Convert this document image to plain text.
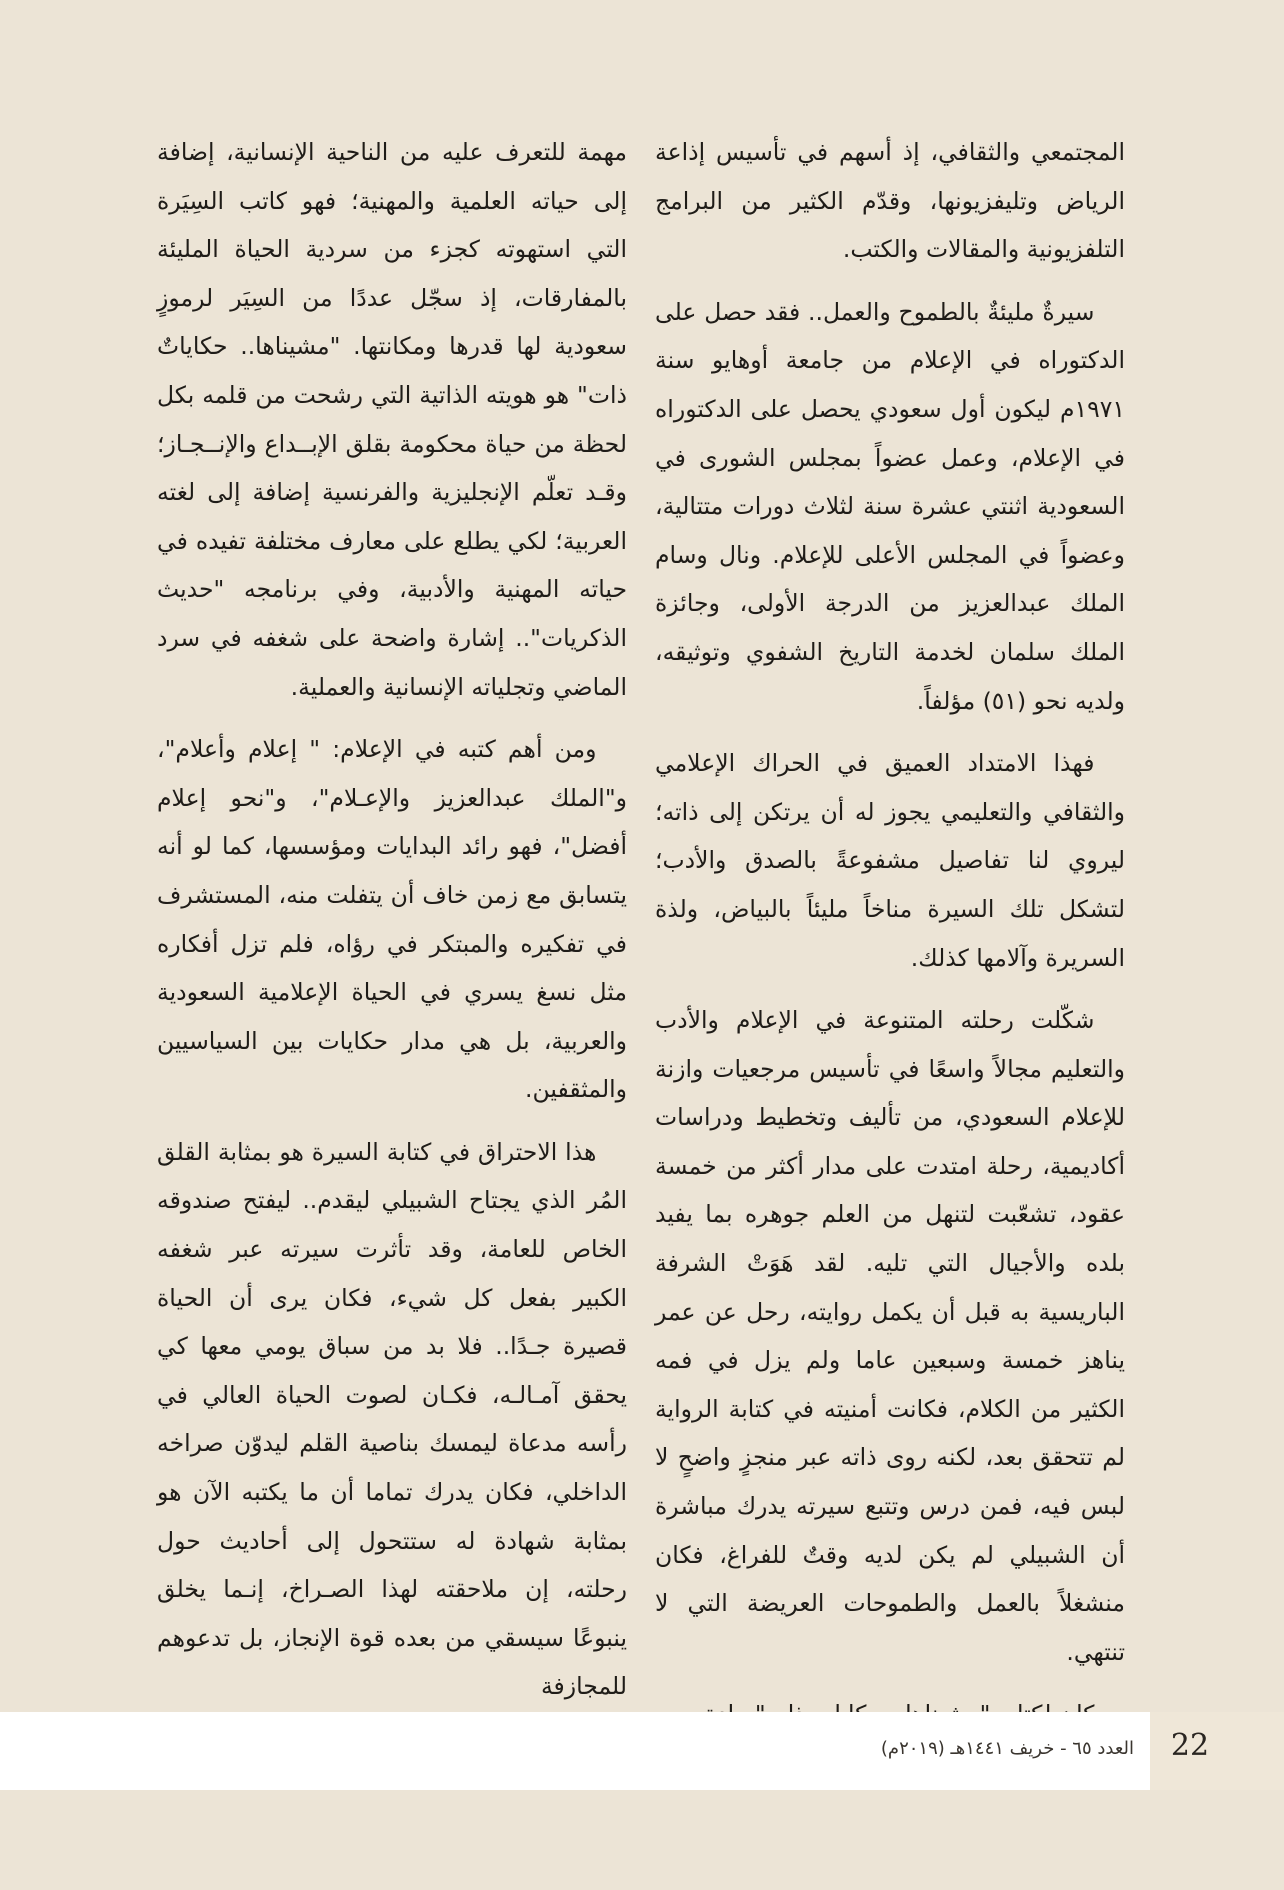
المجتمعي والثقافي، إذ أسهم في تأسيس إذاعة الرياض وتليفزيونها، وقدّم الكثير من البرامج التلفزيونية والمقالات والكتب.

سيرةٌ مليئةٌ بالطموح والعمل.. فقد حصل على الدكتوراه في الإعلام من جامعة أوهايو سنة ١٩٧١م ليكون أول سعودي يحصل على الدكتوراه في الإعلام، وعمل عضواً بمجلس الشورى في السعودية اثنتي عشرة سنة لثلاث دورات متتالية، وعضواً في المجلس الأعلى للإعلام. ونال وسام الملك عبدالعزيز من الدرجة الأولى، وجائزة الملك سلمان لخدمة التاريخ الشفوي وتوثيقه، ولديه نحو (٥١) مؤلفاً.

فهذا الامتداد العميق في الحراك الإعلامي والثقافي والتعليمي يجوز له أن يرتكن إلى ذاته؛ ليروي لنا تفاصيل مشفوعةً بالصدق والأدب؛ لتشكل تلك السيرة مناخاً مليئاً بالبياض، ولذة السريرة وآلامها كذلك.

شكّلت رحلته المتنوعة في الإعلام والأدب والتعليم مجالاً واسعًا في تأسيس مرجعيات وازنة للإعلام السعودي، من تأليف وتخطيط ودراسات أكاديمية، رحلة امتدت على مدار أكثر من خمسة عقود، تشعّبت لتنهل من العلم جوهره بما يفيد بلده والأجيال التي تليه. لقد هَوَتْ الشرفة الباريسية به قبل أن يكمل روايته، رحل عن عمر يناهز خمسة وسبعين عاما ولم يزل في فمه الكثير من الكلام، فكانت أمنيته في كتابة الرواية لم تتحقق بعد، لكنه روى ذاته عبر منجزٍ واضحٍ لا لبس فيه، فمن درس وتتبع سيرته يدرك مباشرة أن الشبيلي لم يكن لديه وقتٌ للفراغ، فكان منشغلاً بالعمل والطموحات العريضة التي لا تنتهي.

مهمة للتعرف عليه من الناحية الإنسانية، إضافة إلى حياته العلمية والمهنية؛ فهو كاتب السِيَرة التي استهوته كجزء من سردية الحياة المليئة بالمفارقات، إذ سجّل عددًا من السِيَر لرموزٍ سعودية لها قدرها ومكانتها. "مشيناها.. حكاياتٌ ذات" هو هويته الذاتية التي رشحت من قلمه بكل لحظة من حياة محكومة بقلق الإبــداع والإنــجـاز؛ وقـد تعلّم الإنجليزية والفرنسية إضافة إلى لغته العربية؛ لكي يطلع على معارف مختلفة تفيده في حياته المهنية والأدبية، وفي برنامجه "حديث الذكريات".. إشارة واضحة على شغفه في سرد الماضي وتجلياته الإنسانية والعملية.

ومن أهم كتبه في الإعلام: " إعلام وأعلام"، و"الملك عبدالعزيز والإعـلام"، و"نحو إعلام أفضل"، فهو رائد البدايات ومؤسسها، كما لو أنه يتسابق مع زمن خاف أن يتفلت منه، المستشرف في تفكيره والمبتكر في رؤاه، فلم تزل أفكاره مثل نسغ يسري في الحياة الإعلامية السعودية والعربية، بل هي مدار حكايات بين السياسيين والمثقفين.

هذا الاحتراق في كتابة السيرة هو بمثابة القلق المُر الذي يجتاح الشبيلي ليقدم.. ليفتح صندوقه الخاص للعامة، وقد تأثرت سيرته عبر شغفه الكبير بفعل كل شيء، فكان يرى أن الحياة قصيرة جـدًا.. فلا بد من سباق يومي معها كي يحقق آمـالـه، فكـان لصوت الحياة العالي في رأسه مدعاة ليمسك بناصية القلم ليدوّن صراخه الداخلي، فكان يدرك تماما أن ما يكتبه الآن هو بمثابة شهادة له ستتحول إلى أحاديث حول رحلته، إن ملاحقته لهذا الصـراخ، إنـما يخلق ينبوعًا سيسقي من بعده قوة الإنجاز، بل تدعوهم للمجازفة

22
العدد ٦٥ - خريف ١٤٤١هـ (٢٠١٩م)
